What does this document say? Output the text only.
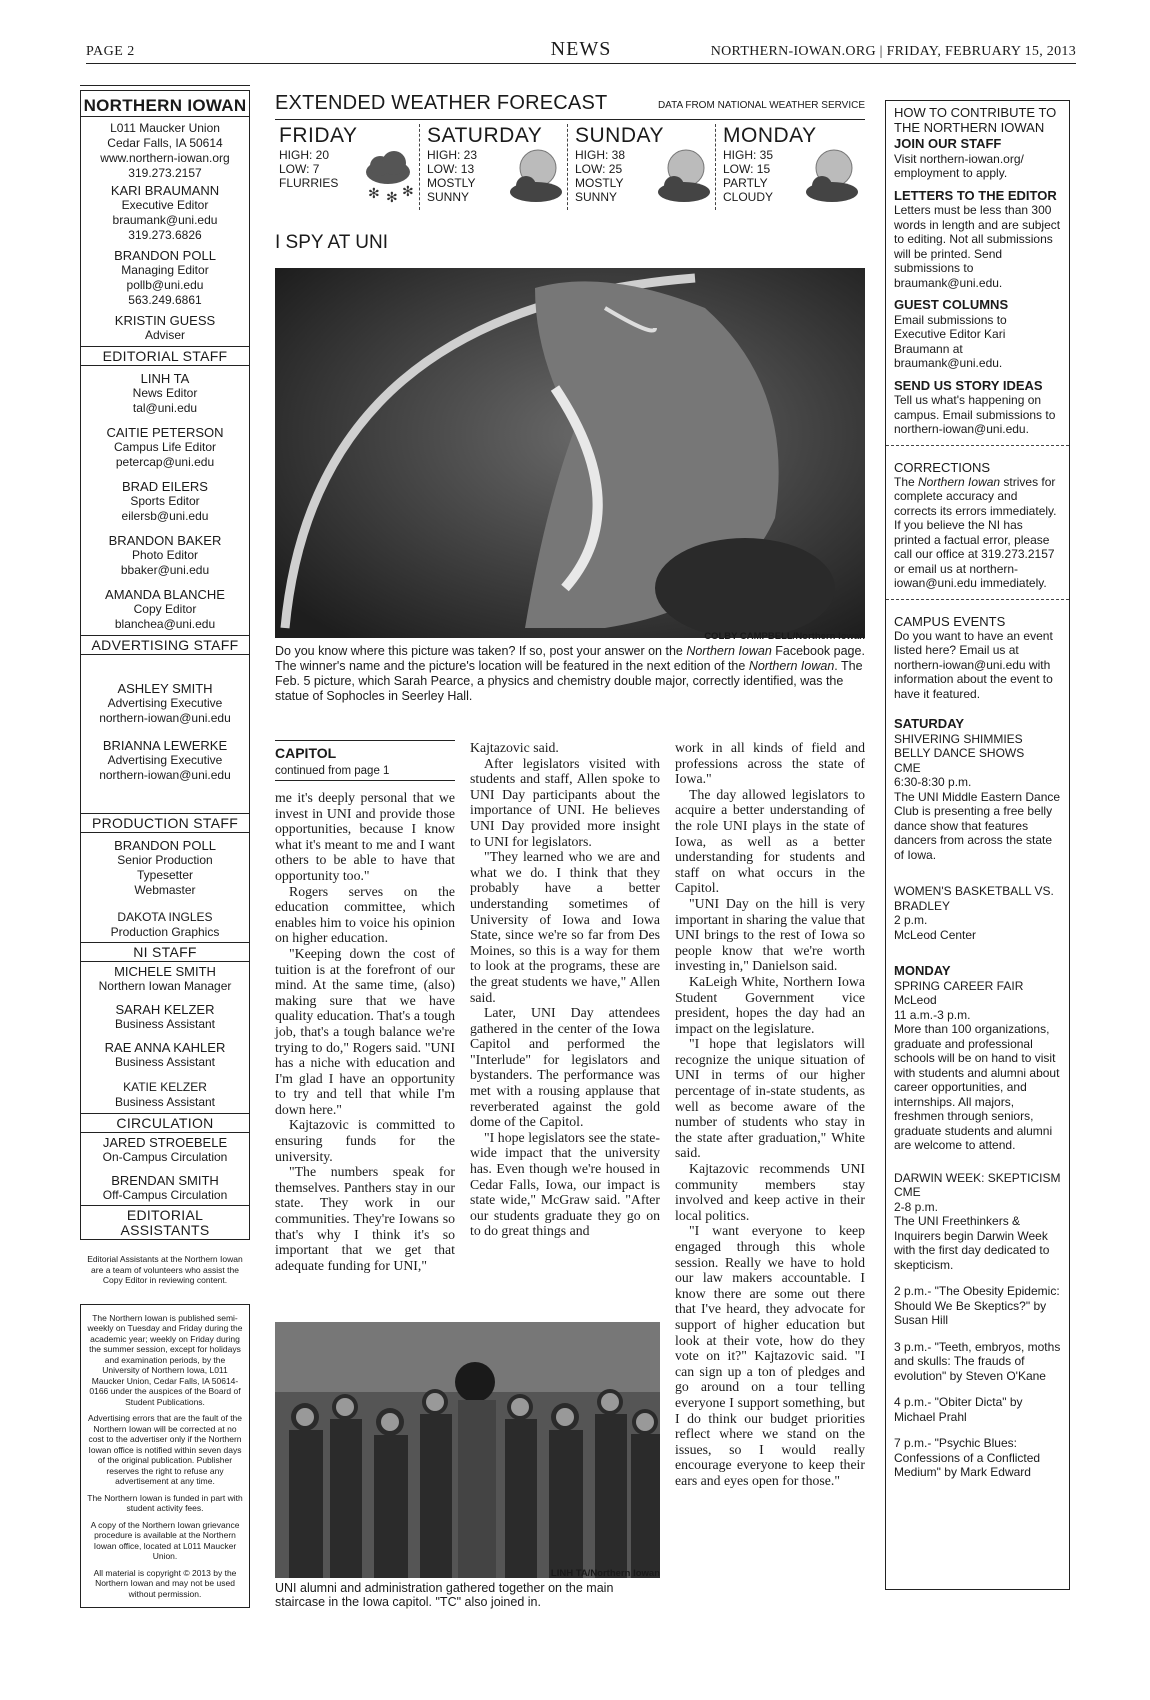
PAGE 2	NEWS	NORTHERN-IOWAN.ORG | FRIDAY, FEBRUARY 15, 2013
NORTHERN IOWAN
L011 Maucker Union
Cedar Falls, IA 50614
www.northern-iowan.org
319.273.2157
KARI BRAUMANN
Executive Editor
braumank@uni.edu
319.273.6826
BRANDON POLL
Managing Editor
pollb@uni.edu
563.249.6861
KRISTIN GUESS
Adviser
EDITORIAL STAFF
LINH TA
News Editor
tal@uni.edu
CAITIE PETERSON
Campus Life Editor
petercap@uni.edu
BRAD EILERS
Sports Editor
eilersb@uni.edu
BRANDON BAKER
Photo Editor
bbaker@uni.edu
AMANDA BLANCHE
Copy Editor
blanchea@uni.edu
ADVERTISING STAFF
ASHLEY SMITH
Advertising Executive
northern-iowan@uni.edu
BRIANNA LEWERKE
Advertising Executive
northern-iowan@uni.edu
PRODUCTION STAFF
BRANDON POLL
Senior Production
Typesetter
Webmaster
DAKOTA INGLES
Production Graphics
NI STAFF
MICHELE SMITH
Northern Iowan Manager
SARAH KELZER
Business Assistant
RAE ANNA KAHLER
Business Assistant
KATIE KELZER
Business Assistant
CIRCULATION
JARED STROEBELE
On-Campus Circulation
BRENDAN SMITH
Off-Campus Circulation
EDITORIAL ASSISTANTS
Editorial Assistants at the Northern Iowan are a team of volunteers who assist the Copy Editor in reviewing content.

The Northern Iowan is published semi-weekly on Tuesday and Friday during the academic year; weekly on Friday during the summer session, except for holidays and examination periods, by the University of Northern Iowa, L011 Maucker Union, Cedar Falls, IA 50614-0166 under the auspices of the Board of Student Publications.

Advertising errors that are the fault of the Northern Iowan will be corrected at no cost to the advertiser only if the Northern Iowan office is notified within seven days of the original publication. Publisher reserves the right to refuse any advertisement at any time.

The Northern Iowan is funded in part with student activity fees.

A copy of the Northern Iowan grievance procedure is available at the Northern Iowan office, located at L011 Maucker Union.

All material is copyright © 2013 by the Northern Iowan and may not be used without permission.

EXTENDED WEATHER FORECAST	DATA FROM NATIONAL WEATHER SERVICE
FRIDAY
HIGH: 20
LOW: 7
FLURRIES
✻ ✻ ✻
SATURDAY
HIGH: 23
LOW: 13
MOSTLY
SUNNY
SUNDAY
HIGH: 38
LOW: 25
MOSTLY
SUNNY
MONDAY
HIGH: 35
LOW: 15
PARTLY
CLOUDY
I SPY AT UNI
COLBY CAMPBELL/Northern Iowan
Do you know where this picture was taken? If so, post your answer on the Northern Iowan Facebook page. The winner's name and the picture's location will be featured in the next edition of the Northern Iowan. The Feb. 5 picture, which Sarah Pearce, a physics and chemistry double major, correctly identified, was the statue of Sophocles in Seerley Hall.
CAPITOL
continued from page 1

me it's deeply personal that we invest in UNI and provide those opportunities, because I know what it's meant to me and I want others to be able to have that opportunity too."

Rogers serves on the education committee, which enables him to voice his opinion on higher education.

"Keeping down the cost of tuition is at the forefront of our mind. At the same time, (also) making sure that we have quality education. That's a tough job, that's a tough balance we're trying to do," Rogers said. "UNI has a niche with education and I'm glad I have an opportunity to try and tell that while I'm down here."

Kajtazovic is committed to ensuring funds for the university.

"The numbers speak for themselves. Panthers stay in our state. They work in our communities. They're Iowans so that's why I think it's so important that we get that adequate funding for UNI,"

Kajtazovic said.

After legislators visited with students and staff, Allen spoke to UNI Day participants about the importance of UNI. He believes UNI Day provided more insight to UNI for legislators.

"They learned who we are and what we do. I think that they probably have a better understanding sometimes of University of Iowa and Iowa State, since we're so far from Des Moines, so this is a way for them to look at the programs, these are the great students we have," Allen said.

Later, UNI Day attendees gathered in the center of the Iowa Capitol and performed the "Interlude" for legislators and bystanders. The performance was met with a rousing applause that reverberated against the gold dome of the Capitol.

"I hope legislators see the state-wide impact that the university has. Even though we're housed in Cedar Falls, Iowa, our impact is state wide," McGraw said. "After our students graduate they go on to do great things and

work in all kinds of field and professions across the state of Iowa."

The day allowed legislators to acquire a better understanding of the role UNI plays in the state of Iowa, as well as a better understanding for students and staff on what occurs in the Capitol.

"UNI Day on the hill is very important in sharing the value that UNI brings to the rest of Iowa so people know that we're worth investing in," Danielson said.

KaLeigh White, Northern Iowa Student Government vice president, hopes the day had an impact on the legislature.

"I hope that legislators will recognize the unique situation of UNI in terms of our higher percentage of in-state students, as well as become aware of the number of students who stay in the state after graduation," White said.

Kajtazovic recommends UNI community members stay involved and keep active in their local politics.

"I want everyone to keep engaged through this whole session. Really we have to hold our law makers accountable. I know there are some out there that I've heard, they advocate for support of higher education but look at their vote, how do they vote on it?" Kajtazovic said. "I can sign up a ton of pledges and go around on a tour telling everyone I support something, but I do think our budget priorities reflect where we stand on the issues, so I would really encourage everyone to keep their ears and eyes open for those."

LINH TA/Northern Iowan
UNI alumni and administration gathered together on the main staircase in the Iowa capitol. "TC" also joined in.
HOW TO CONTRIBUTE TO THE NORTHERN IOWAN
JOIN OUR STAFF
Visit northern-iowan.org/ employment to apply.
LETTERS TO THE EDITOR
Letters must be less than 300 words in length and are subject to editing. Not all submissions will be printed. Send submissions to braumank@uni.edu.
GUEST COLUMNS
Email submissions to Executive Editor Kari Braumann at braumank@uni.edu.
SEND US STORY IDEAS
Tell us what's happening on campus. Email submissions to northern-iowan@uni.edu.
CORRECTIONS
The Northern Iowan strives for complete accuracy and corrects its errors immediately. If you believe the NI has printed a factual error, please call our office at 319.273.2157 or email us at northern-iowan@uni.edu immediately.
CAMPUS EVENTS
Do you want to have an event listed here? Email us at northern-iowan@uni.edu with information about the event to have it featured.
SATURDAY
SHIVERING SHIMMIES BELLY DANCE SHOWS
CME
6:30-8:30 p.m.
The UNI Middle Eastern Dance Club is presenting a free belly dance show that features dancers from across the state of Iowa.
WOMEN'S BASKETBALL VS. BRADLEY
2 p.m.
McLeod Center
MONDAY
SPRING CAREER FAIR
McLeod
11 a.m.-3 p.m.
More than 100 organizations, graduate and professional schools will be on hand to visit with students and alumni about career opportunities, and internships. All majors, freshmen through seniors, graduate students and alumni are welcome to attend.
DARWIN WEEK: SKEPTICISM
CME
2-8 p.m.
The UNI Freethinkers & Inquirers begin Darwin Week with the first day dedicated to skepticism.
2 p.m.- "The Obesity Epidemic: Should We Be Skeptics?" by Susan Hill
3 p.m.- "Teeth, embryos, moths and skulls: The frauds of evolution" by Steven O'Kane
4 p.m.- "Obiter Dicta" by Michael Prahl
7 p.m.- "Psychic Blues: Confessions of a Conflicted Medium" by Mark Edward
